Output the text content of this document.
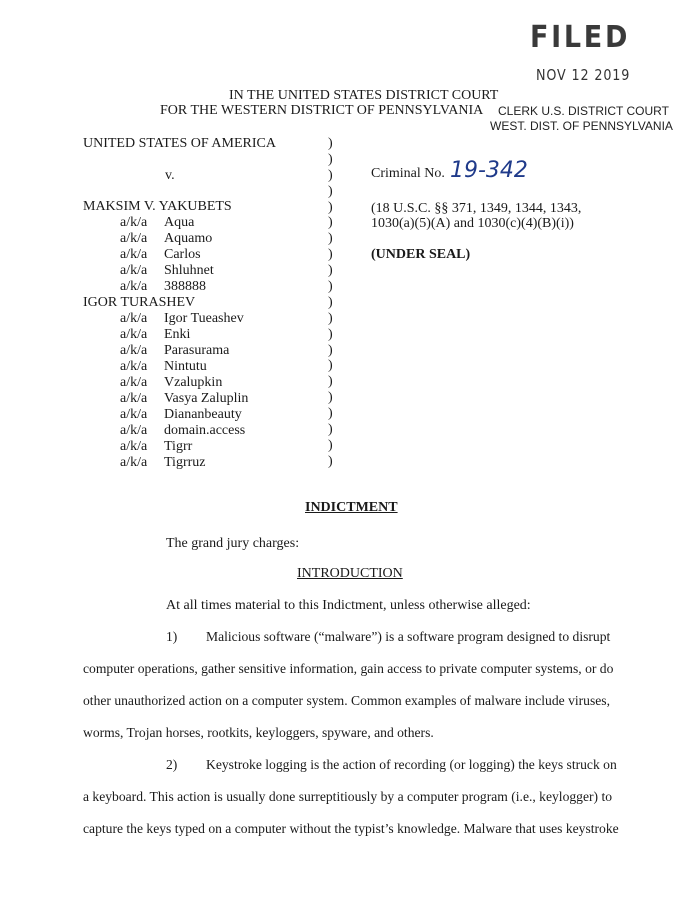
FILED
NOV 12 2019
CLERK U.S. DISTRICT COURT
WEST. DIST. OF PENNSYLVANIA
IN THE UNITED STATES DISTRICT COURT
FOR THE WESTERN DISTRICT OF PENNSYLVANIA
UNITED STATES OF AMERICA
v.
MAKSIM V. YAKUBETS
a/k/a Aqua
a/k/a Aquamo
a/k/a Carlos
a/k/a Shluhnet
a/k/a 388888
IGOR TURASHEV
a/k/a Igor Tueashev
a/k/a Enki
a/k/a Parasurama
a/k/a Nintutu
a/k/a Vzalupkin
a/k/a Vasya Zaluplin
a/k/a Diananbeauty
a/k/a domain.access
a/k/a Tigrr
a/k/a Tigrruz
)
)
)
)
)
)
)
)
)
)
)
)
)
)
)
)
)
)
)
)
)
Criminal No. 19-342
(18 U.S.C. §§ 371, 1349, 1344, 1343,
1030(a)(5)(A) and 1030(c)(4)(B)(i))
(UNDER SEAL)
INDICTMENT
The grand jury charges:
INTRODUCTION
At all times material to this Indictment, unless otherwise alleged:
1) Malicious software (“malware”) is a software program designed to disrupt
computer operations, gather sensitive information, gain access to private computer systems, or do
other unauthorized action on a computer system. Common examples of malware include viruses,
worms, Trojan horses, rootkits, keyloggers, spyware, and others.
2) Keystroke logging is the action of recording (or logging) the keys struck on
a keyboard. This action is usually done surreptitiously by a computer program (i.e., keylogger) to
capture the keys typed on a computer without the typist’s knowledge. Malware that uses keystroke
